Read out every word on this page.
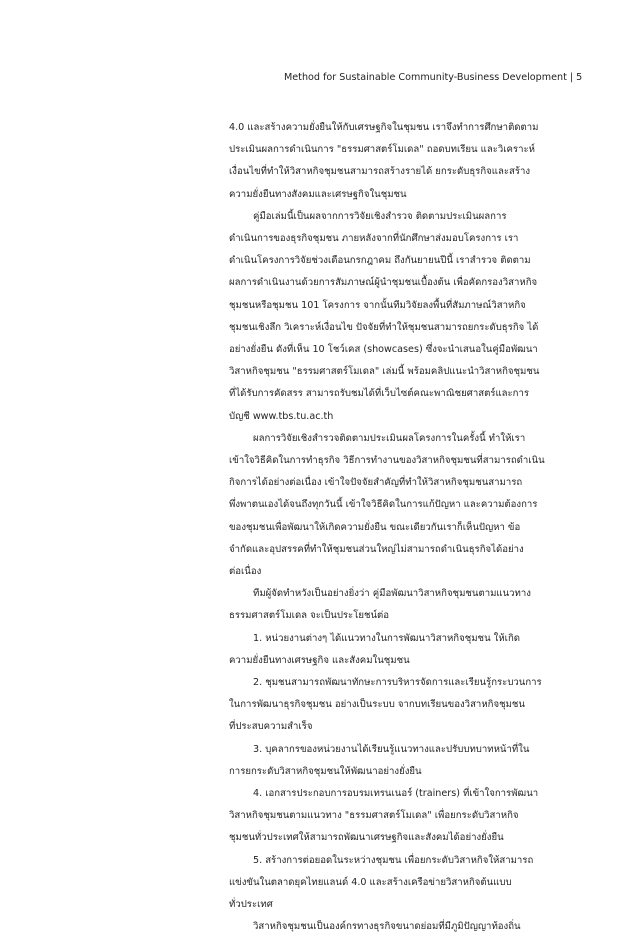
Method for Sustainable Community-Business Development | 5
4.0 และสร้างความยั่งยืนให้กับเศรษฐกิจในชุมชน เราจึงทำการศึกษาติดตาม
ประเมินผลการดำเนินการ "ธรรมศาสตร์โมเดล" ถอดบทเรียน และวิเคราะห์
เงื่อนไขที่ทำให้วิสาหกิจชุมชนสามารถสร้างรายได้ ยกระดับธุรกิจและสร้าง
ความยั่งยืนทางสังคมและเศรษฐกิจในชุมชน
คู่มือเล่มนี้เป็นผลจากการวิจัยเชิงสำรวจ ติดตามประเมินผลการ
ดำเนินการของธุรกิจชุมชน ภายหลังจากที่นักศึกษาส่งมอบโครงการ เรา
ดำเนินโครงการวิจัยช่วงเดือนกรกฎาคม ถึงกันยายนปีนี้ เราสำรวจ ติดตาม
ผลการดำเนินงานด้วยการสัมภาษณ์ผู้นำชุมชนเบื้องต้น เพื่อคัดกรองวิสาหกิจ
ชุมชนหรือชุมชน 101 โครงการ จากนั้นทีมวิจัยลงพื้นที่สัมภาษณ์วิสาหกิจ
ชุมชนเชิงลึก วิเคราะห์เงื่อนไข ปัจจัยที่ทำให้ชุมชนสามารถยกระดับธุรกิจ ได้
อย่างยั่งยืน ดังที่เห็น 10 โชว์เคส (showcases) ซึ่งจะนำเสนอในคู่มือพัฒนา
วิสาหกิจชุมชน "ธรรมศาสตร์โมเดล" เล่มนี้ พร้อมคลิปแนะนำวิสาหกิจชุมชน
ที่ได้รับการคัดสรร สามารถรับชมได้ที่เว็บไซต์คณะพาณิชยศาสตร์และการ
บัญชี www.tbs.tu.ac.th
ผลการวิจัยเชิงสำรวจติดตามประเมินผลโครงการในครั้งนี้ ทำให้เรา
เข้าใจวิธีคิดในการทำธุรกิจ วิธีการทำงานของวิสาหกิจชุมชนที่สามารถดำเนิน
กิจการได้อย่างต่อเนื่อง เข้าใจปัจจัยสำคัญที่ทำให้วิสาหกิจชุมชนสามารถ
พึ่งพาตนเองได้จนถึงทุกวันนี้ เข้าใจวิธีคิดในการแก้ปัญหา และความต้องการ
ของชุมชนเพื่อพัฒนาให้เกิดความยั่งยืน ขณะเดียวกันเราก็เห็นปัญหา ข้อ
จำกัดและอุปสรรคที่ทำให้ชุมชนส่วนใหญ่ไม่สามารถดำเนินธุรกิจได้อย่าง
ต่อเนื่อง
ทีมผู้จัดทำหวังเป็นอย่างยิ่งว่า คู่มือพัฒนาวิสาหกิจชุมชนตามแนวทาง
ธรรมศาสตร์โมเดล จะเป็นประโยชน์ต่อ
1. หน่วยงานต่างๆ ได้แนวทางในการพัฒนาวิสาหกิจชุมชน ให้เกิด
ความยั่งยืนทางเศรษฐกิจ และสังคมในชุมชน
2. ชุมชนสามารถพัฒนาทักษะการบริหารจัดการและเรียนรู้กระบวนการ
ในการพัฒนาธุรกิจชุมชน อย่างเป็นระบบ จากบทเรียนของวิสาหกิจชุมชน
ที่ประสบความสำเร็จ
3. บุคลากรของหน่วยงานได้เรียนรู้แนวทางและปรับบทบาทหน้าที่ใน
การยกระดับวิสาหกิจชุมชนให้พัฒนาอย่างยั่งยืน
4. เอกสารประกอบการอบรมเทรนเนอร์ (trainers) ที่เข้าใจการพัฒนา
วิสาหกิจชุมชนตามแนวทาง "ธรรมศาสตร์โมเดล" เพื่อยกระดับวิสาหกิจ
ชุมชนทั่วประเทศให้สามารถพัฒนาเศรษฐกิจและสังคมได้อย่างยั่งยืน
5. สร้างการต่อยอดในระหว่างชุมชน เพื่อยกระดับวิสาหกิจให้สามารถ
แข่งขันในตลาดยุคไทยแลนด์ 4.0 และสร้างเครือข่ายวิสาหกิจต้นแบบ
ทั่วประเทศ
วิสาหกิจชุมชนเป็นองค์กรทางธุรกิจขนาดย่อมที่มีภูมิปัญญาท้องถิ่น
